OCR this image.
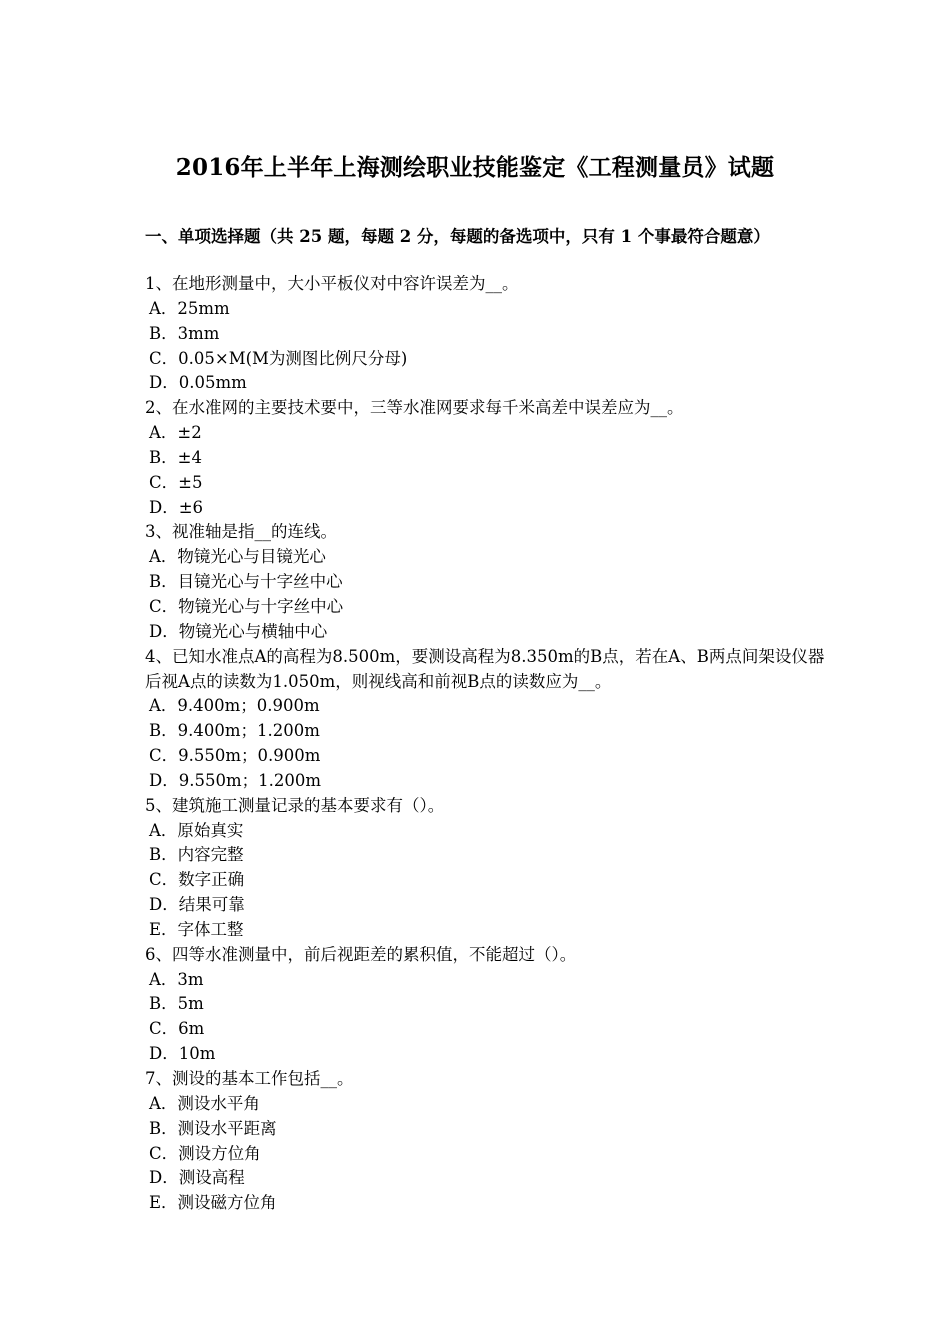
2016年上半年上海测绘职业技能鉴定《工程测量员》试题
一、单项选择题（共 25 题，每题 2 分，每题的备选项中，只有 1 个事最符合题意）
1、在地形测量中，大小平板仪对中容许误差为__。
A．25mm
B．3mm
C．0.05×M(M为测图比例尺分母)
D．0.05mm
2、在水准网的主要技术要中，三等水准网要求每千米高差中误差应为__。
A．±2
B．±4
C．±5
D．±6
3、视准轴是指__的连线。
A．物镜光心与目镜光心
B．目镜光心与十字丝中心
C．物镜光心与十字丝中心
D．物镜光心与横轴中心
4、已知水准点A的高程为8.500m，要测设高程为8.350m的B点，若在A、B两点间架设仪器后视A点的读数为1.050m，则视线高和前视B点的读数应为__。
A．9.400m；0.900m
B．9.400m；1.200m
C．9.550m；0.900m
D．9.550m；1.200m
5、建筑施工测量记录的基本要求有（）。
A．原始真实
B．内容完整
C．数字正确
D．结果可靠
E．字体工整
6、四等水准测量中，前后视距差的累积值，不能超过（）。
A．3m
B．5m
C．6m
D．10m
7、测设的基本工作包括__。
A．测设水平角
B．测设水平距离
C．测设方位角
D．测设高程
E．测设磁方位角
